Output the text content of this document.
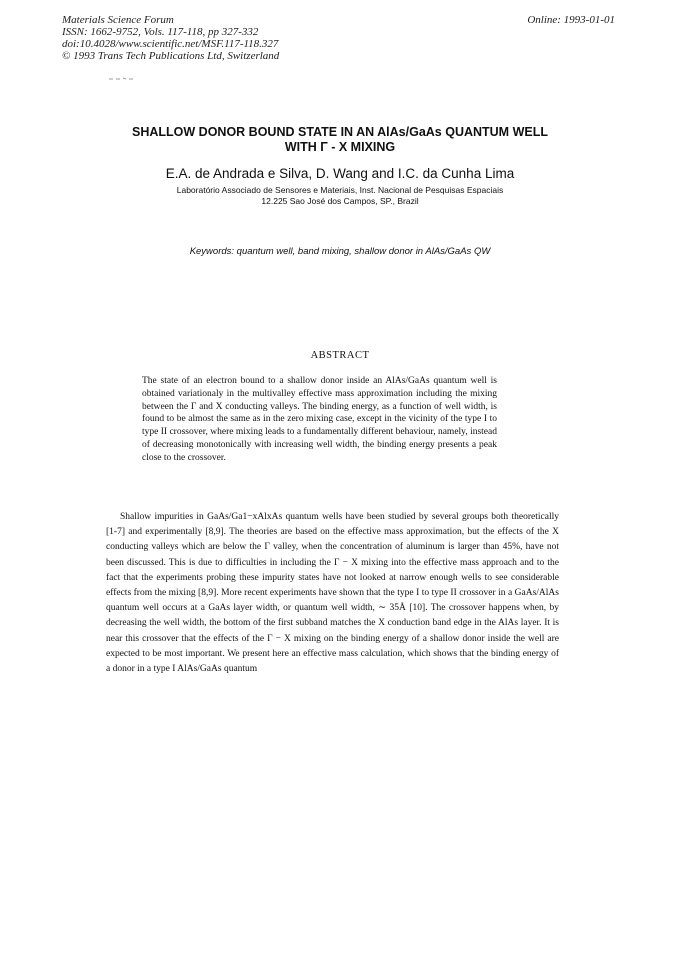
Materials Science Forum
ISSN: 1662-9752, Vols. 117-118, pp 327-332
doi:10.4028/www.scientific.net/MSF.117-118.327
© 1993 Trans Tech Publications Ltd, Switzerland
Online: 1993-01-01
SHALLOW DONOR BOUND STATE IN AN AlAs/GaAs QUANTUM WELL
WITH Γ - X MIXING
E.A. de Andrada e Silva, D. Wang and I.C. da Cunha Lima
Laboratório Associado de Sensores e Materiais, Inst. Nacional de Pesquisas Espaciais
12.225 Sao José dos Campos, SP., Brazil
Keywords: quantum well, band mixing, shallow donor in AlAs/GaAs QW
ABSTRACT
The state of an electron bound to a shallow donor inside an AlAs/GaAs quantum well is obtained variationaly in the multivalley effective mass approximation including the mixing between the Γ and X conducting valleys. The binding energy, as a function of well width, is found to be almost the same as in the zero mixing case, except in the vicinity of the type I to type II crossover, where mixing leads to a fundamentally different behaviour, namely, instead of decreasing monotonically with increasing well width, the binding energy presents a peak close to the crossover.

Shallow impurities in GaAs/Ga1−xAlxAs quantum wells have been studied by several groups both theoretically [1-7] and experimentally [8,9]. The theories are based on the effective mass approximation, but the effects of the X conducting valleys which are below the Γ valley, when the concentration of aluminum is larger than 45%, have not been discussed. This is due to difficulties in including the Γ − X mixing into the effective mass approach and to the fact that the experiments probing these impurity states have not looked at narrow enough wells to see considerable effects from the mixing [8,9]. More recent experiments have shown that the type I to type II crossover in a GaAs/AlAs quantum well occurs at a GaAs layer width, or quantum well width, ∼ 35Å [10]. The crossover happens when, by decreasing the well width, the bottom of the first subband matches the X conduction band edge in the AlAs layer. It is near this crossover that the effects of the Γ − X mixing on the binding energy of a shallow donor inside the well are expected to be most important. We present here an effective mass calculation, which shows that the binding energy of a donor in a type I AlAs/GaAs quantum
